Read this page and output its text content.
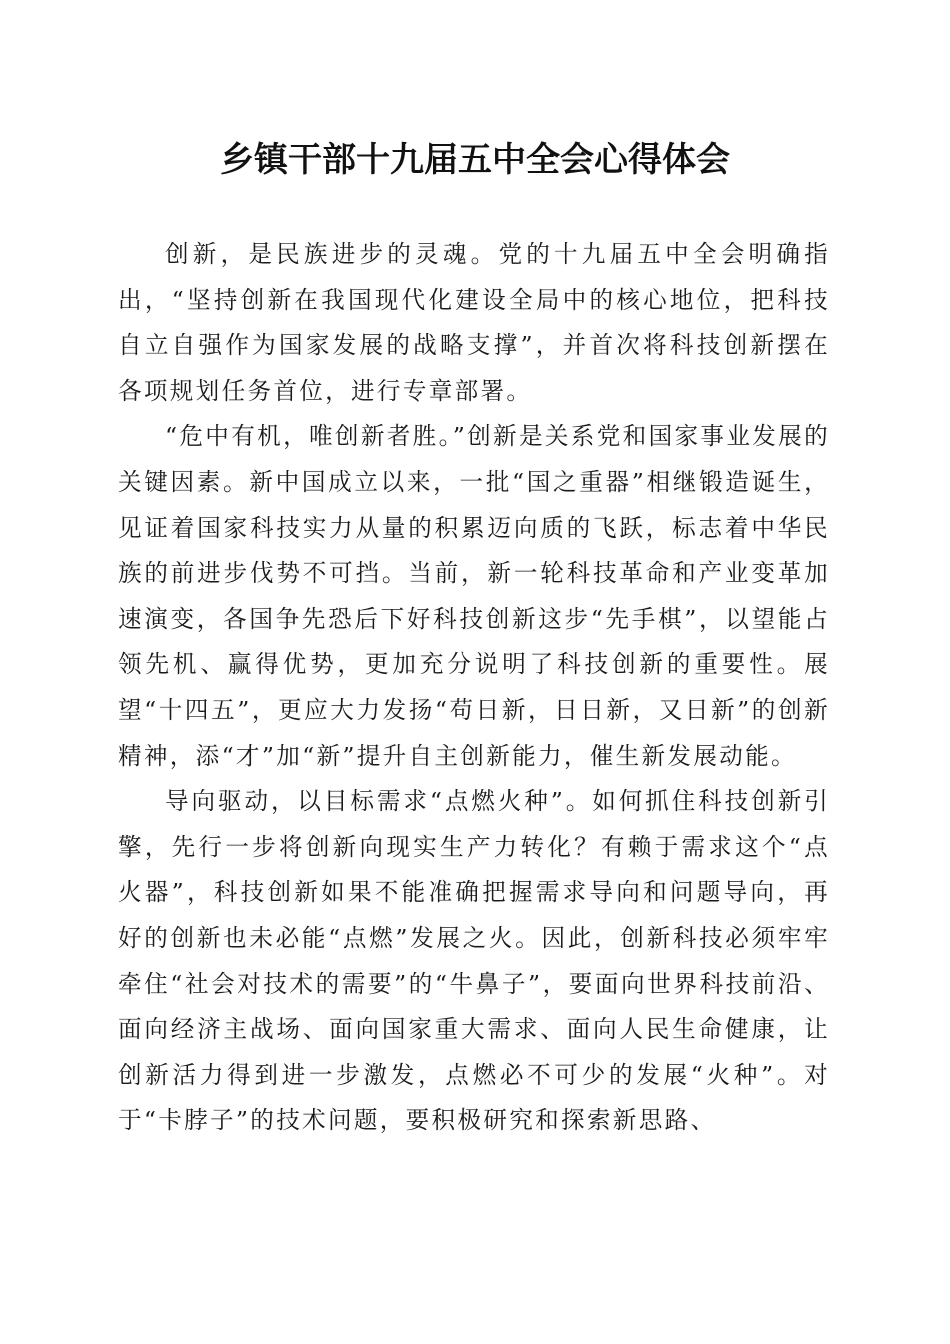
乡镇干部十九届五中全会心得体会

创新，是民族进步的灵魂。党的十九届五中全会明确指出，“坚持创新在我国现代化建设全局中的核心地位，把科技自立自强作为国家发展的战略支撑”，并首次将科技创新摆在各项规划任务首位，进行专章部署。

“危中有机，唯创新者胜。”创新是关系党和国家事业发展的关键因素。新中国成立以来，一批“国之重器”相继锻造诞生，见证着国家科技实力从量的积累迈向质的飞跃，标志着中华民族的前进步伐势不可挡。当前，新一轮科技革命和产业变革加速演变，各国争先恐后下好科技创新这步“先手棋”，以望能占领先机、赢得优势，更加充分说明了科技创新的重要性。展望“十四五”，更应大力发扬“苟日新，日日新，又日新”的创新精神，添“才”加“新”提升自主创新能力，催生新发展动能。

导向驱动，以目标需求“点燃火种”。如何抓住科技创新引擎，先行一步将创新向现实生产力转化？有赖于需求这个“点火器”，科技创新如果不能准确把握需求导向和问题导向，再好的创新也未必能“点燃”发展之火。因此，创新科技必须牢牢牵住“社会对技术的需要”的“牛鼻子”，要面向世界科技前沿、面向经济主战场、面向国家重大需求、面向人民生命健康，让创新活力得到进一步激发，点燃必不可少的发展“火种”。对于“卡脖子”的技术问题，要积极研究和探索新思路、
